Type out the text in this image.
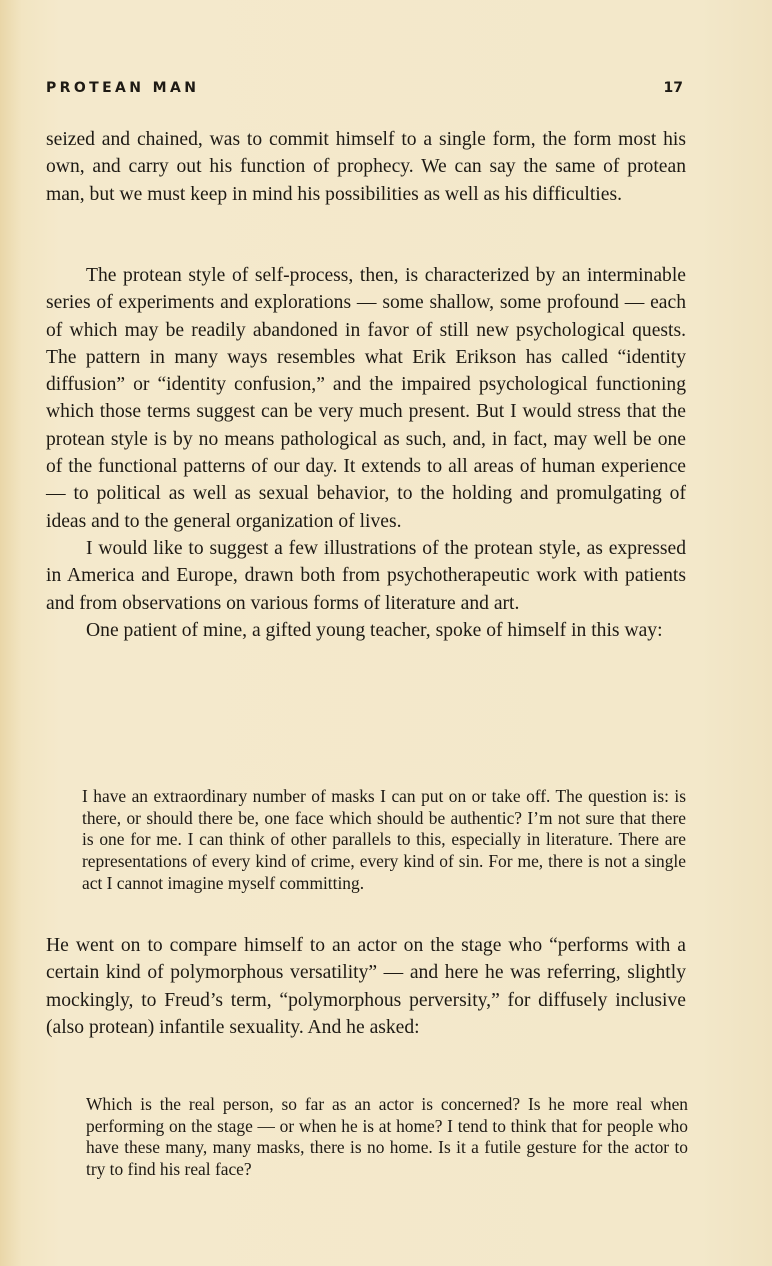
PROTEAN MAN	17

seized and chained, was to commit himself to a single form, the form most his own, and carry out his function of prophecy. We can say the same of protean man, but we must keep in mind his possibilities as well as his difficulties.

The protean style of self-process, then, is characterized by an interminable series of experiments and explorations — some shallow, some profound — each of which may be readily abandoned in favor of still new psychological quests. The pattern in many ways resembles what Erik Erikson has called “identity diffusion” or “identity confusion,” and the impaired psychological functioning which those terms suggest can be very much present. But I would stress that the protean style is by no means pathological as such, and, in fact, may well be one of the functional patterns of our day. It extends to all areas of human experience — to political as well as sexual behavior, to the holding and promulgating of ideas and to the general organization of lives.

I would like to suggest a few illustrations of the protean style, as expressed in America and Europe, drawn both from psychotherapeutic work with patients and from observations on various forms of literature and art.

One patient of mine, a gifted young teacher, spoke of himself in this way:

I have an extraordinary number of masks I can put on or take off. The question is: is there, or should there be, one face which should be authentic? I’m not sure that there is one for me. I can think of other parallels to this, especially in literature. There are representations of every kind of crime, every kind of sin. For me, there is not a single act I cannot imagine myself committing.

He went on to compare himself to an actor on the stage who “performs with a certain kind of polymorphous versatility” — and here he was referring, slightly mockingly, to Freud’s term, “polymorphous perversity,” for diffusely inclusive (also protean) infantile sexuality. And he asked:

Which is the real person, so far as an actor is concerned? Is he more real when performing on the stage — or when he is at home? I tend to think that for people who have these many, many masks, there is no home. Is it a futile gesture for the actor to try to find his real face?
